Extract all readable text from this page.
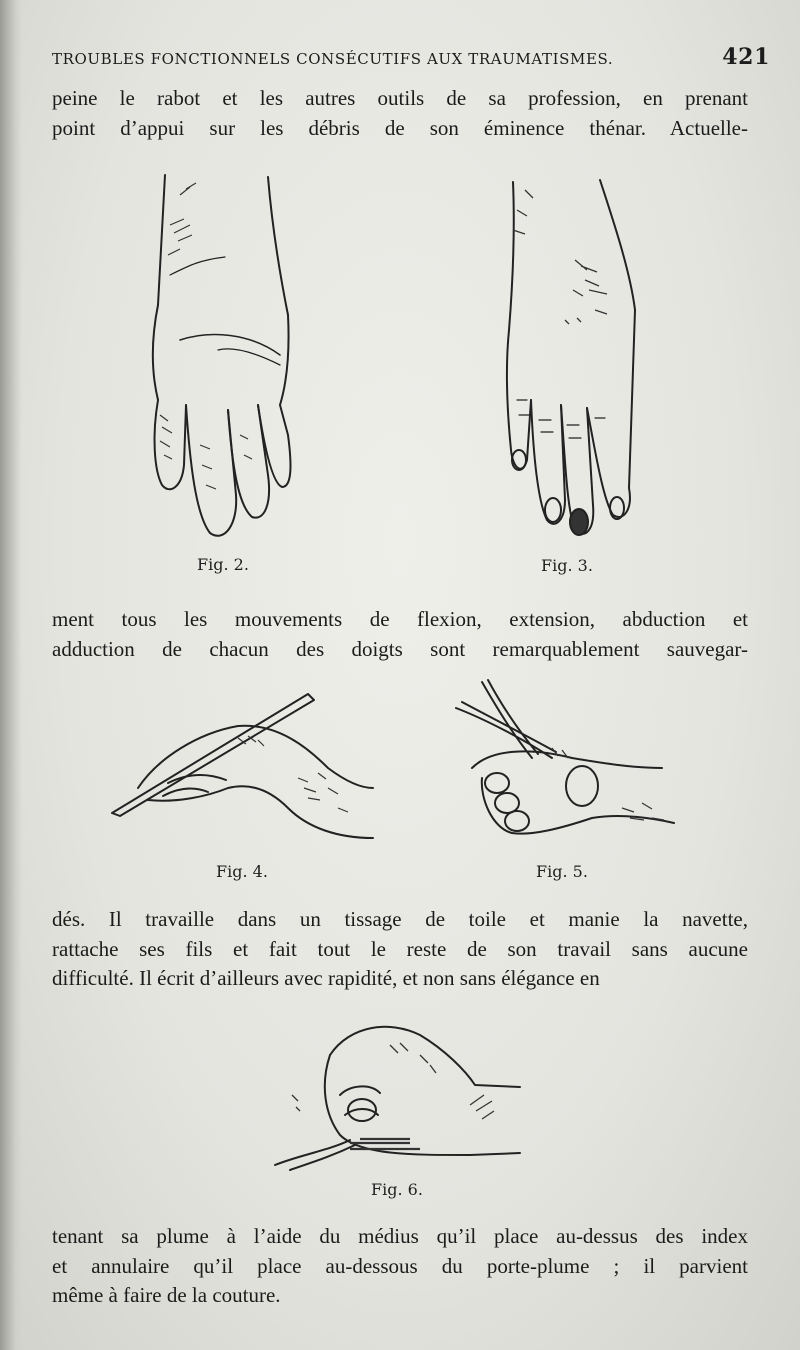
TROUBLES FONCTIONNELS CONSÉCUTIFS AUX TRAUMATISMES.	421
peine le rabot et les autres outils de sa profession, en prenant
point d’appui sur les débris de son éminence thénar. Actuelle-
Fig. 2.	Fig. 3.
ment tous les mouvements de flexion, extension, abduction et
adduction de chacun des doigts sont remarquablement sauvegar-
Fig. 4.	Fig. 5.
dés. Il travaille dans un tissage de toile et manie la navette,
rattache ses fils et fait tout le reste de son travail sans aucune
difficulté. Il écrit d’ailleurs avec rapidité, et non sans élégance en
Fig. 6.
tenant sa plume à l’aide du médius qu’il place au-dessus des index
et annulaire qu’il place au-dessous du porte-plume ; il parvient
même à faire de la couture.
